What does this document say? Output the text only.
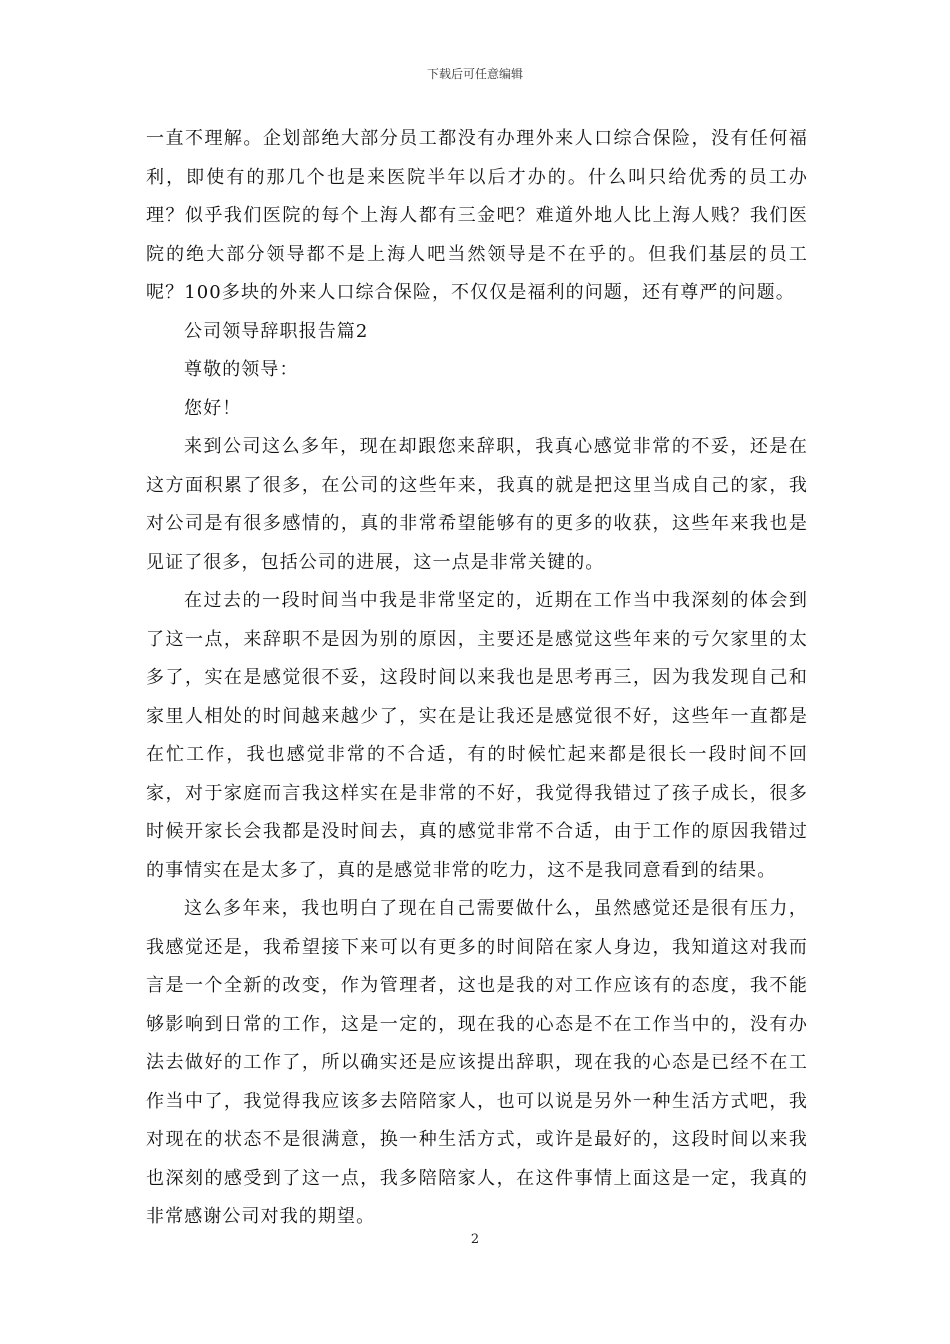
下载后可任意编辑

一直不理解。企划部绝大部分员工都没有办理外来人口综合保险，没有任何福利，即使有的那几个也是来医院半年以后才办的。什么叫只给优秀的员工办理？似乎我们医院的每个上海人都有三金吧？难道外地人比上海人贱？我们医院的绝大部分领导都不是上海人吧当然领导是不在乎的。但我们基层的员工呢？100多块的外来人口综合保险，不仅仅是福利的问题，还有尊严的问题。

公司领导辞职报告篇2

尊敬的领导：

您好！

来到公司这么多年，现在却跟您来辞职，我真心感觉非常的不妥，还是在这方面积累了很多，在公司的这些年来，我真的就是把这里当成自己的家，我对公司是有很多感情的，真的非常希望能够有的更多的收获，这些年来我也是见证了很多，包括公司的进展，这一点是非常关键的。

在过去的一段时间当中我是非常坚定的，近期在工作当中我深刻的体会到了这一点，来辞职不是因为别的原因，主要还是感觉这些年来的亏欠家里的太多了，实在是感觉很不妥，这段时间以来我也是思考再三，因为我发现自己和家里人相处的时间越来越少了，实在是让我还是感觉很不好，这些年一直都是在忙工作，我也感觉非常的不合适，有的时候忙起来都是很长一段时间不回家，对于家庭而言我这样实在是非常的不好，我觉得我错过了孩子成长，很多时候开家长会我都是没时间去，真的感觉非常不合适，由于工作的原因我错过的事情实在是太多了，真的是感觉非常的吃力，这不是我同意看到的结果。

这么多年来，我也明白了现在自己需要做什么，虽然感觉还是很有压力，我感觉还是，我希望接下来可以有更多的时间陪在家人身边，我知道这对我而言是一个全新的改变，作为管理者，这也是我的对工作应该有的态度，我不能够影响到日常的工作，这是一定的，现在我的心态是不在工作当中的，没有办法去做好的工作了，所以确实还是应该提出辞职，现在我的心态是已经不在工作当中了，我觉得我应该多去陪陪家人，也可以说是另外一种生活方式吧，我对现在的状态不是很满意，换一种生活方式，或许是最好的，这段时间以来我也深刻的感受到了这一点，我多陪陪家人，在这件事情上面这是一定，我真的非常感谢公司对我的期望。

2
